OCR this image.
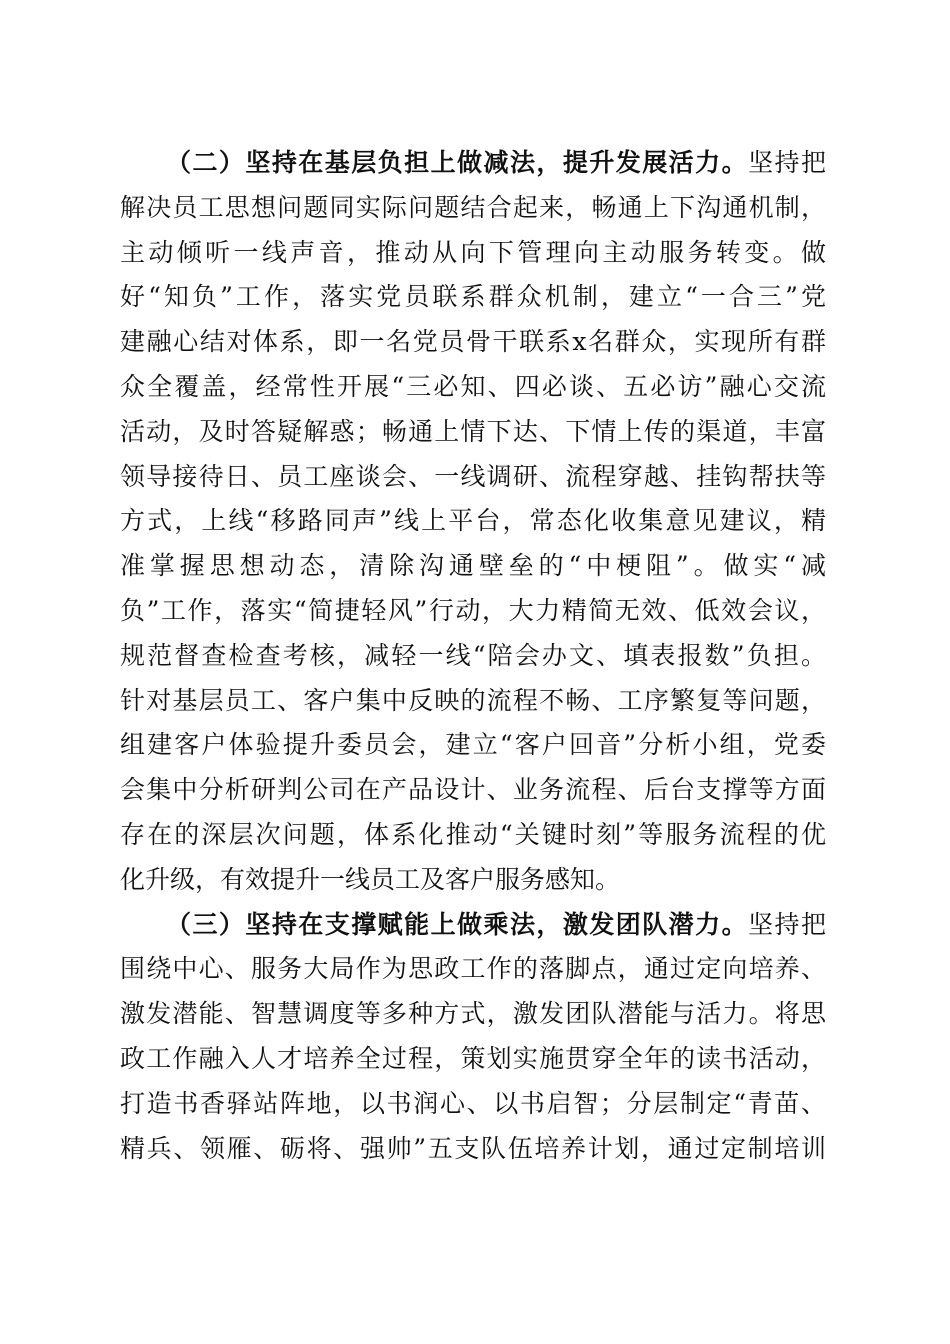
（二）坚持在基层负担上做减法，提升发展活力。坚持把
解决员工思想问题同实际问题结合起来，畅通上下沟通机制，
主动倾听一线声音，推动从向下管理向主动服务转变。做
好“知负”工作，落实党员联系群众机制，建立“一合三”党
建融心结对体系，即一名党员骨干联系x名群众，实现所有群
众全覆盖，经常性开展“三必知、四必谈、五必访”融心交流
活动，及时答疑解惑；畅通上情下达、下情上传的渠道，丰富
领导接待日、员工座谈会、一线调研、流程穿越、挂钩帮扶等
方式，上线“移路同声”线上平台，常态化收集意见建议，精
准掌握思想动态，清除沟通壁垒的“中梗阻”。做实“减
负”工作，落实“简捷轻风”行动，大力精简无效、低效会议，
规范督查检查考核，减轻一线“陪会办文、填表报数”负担。
针对基层员工、客户集中反映的流程不畅、工序繁复等问题，
组建客户体验提升委员会，建立“客户回音”分析小组，党委
会集中分析研判公司在产品设计、业务流程、后台支撑等方面
存在的深层次问题，体系化推动“关键时刻”等服务流程的优
化升级，有效提升一线员工及客户服务感知。
（三）坚持在支撑赋能上做乘法，激发团队潜力。坚持把
围绕中心、服务大局作为思政工作的落脚点，通过定向培养、
激发潜能、智慧调度等多种方式，激发团队潜能与活力。将思
政工作融入人才培养全过程，策划实施贯穿全年的读书活动，
打造书香驿站阵地，以书润心、以书启智；分层制定“青苗、
精兵、领雁、砺将、强帅”五支队伍培养计划，通过定制培训
